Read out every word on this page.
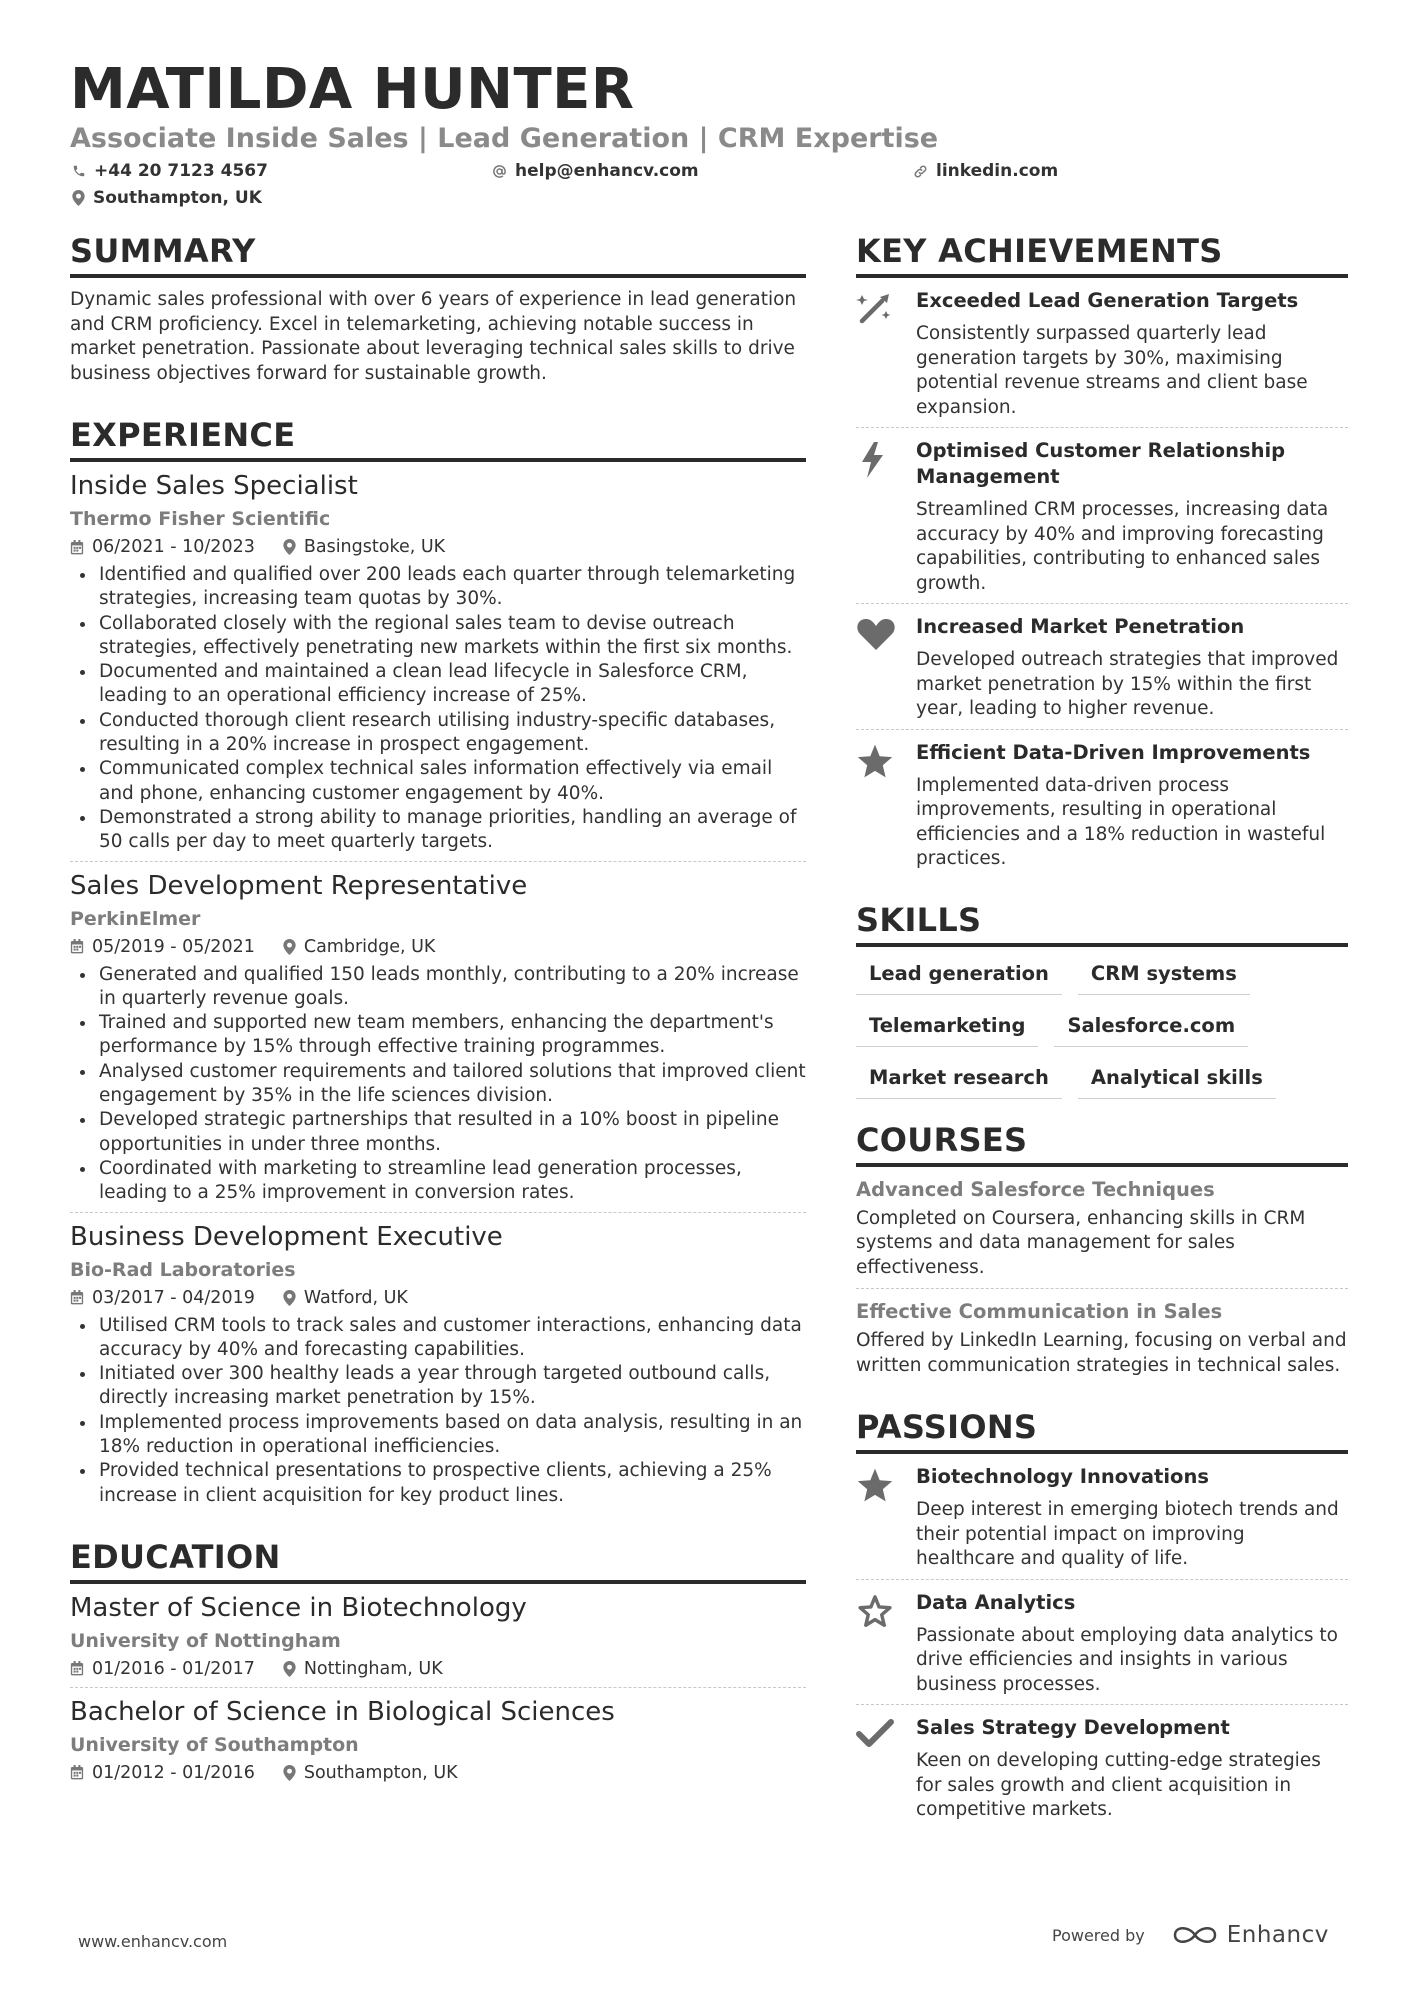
MATILDA HUNTER
Associate Inside Sales | Lead Generation | CRM Expertise
+44 20 7123 4567	help@enhancv.com	linkedin.com
Southampton, UK
SUMMARY

Dynamic sales professional with over 6 years of experience in lead generation and CRM proficiency. Excel in telemarketing, achieving notable success in market penetration. Passionate about leveraging technical sales skills to drive business objectives forward for sustainable growth.

EXPERIENCE
Inside Sales Specialist
Thermo Fisher Scientific
06/2021 - 10/2023	Basingstoke, UK
• Identified and qualified over 200 leads each quarter through telemarketing strategies, increasing team quotas by 30%.
• Collaborated closely with the regional sales team to devise outreach strategies, effectively penetrating new markets within the first six months.
• Documented and maintained a clean lead lifecycle in Salesforce CRM, leading to an operational efficiency increase of 25%.
• Conducted thorough client research utilising industry-specific databases, resulting in a 20% increase in prospect engagement.
• Communicated complex technical sales information effectively via email and phone, enhancing customer engagement by 40%.
• Demonstrated a strong ability to manage priorities, handling an average of 50 calls per day to meet quarterly targets.
Sales Development Representative
PerkinElmer
05/2019 - 05/2021	Cambridge, UK
• Generated and qualified 150 leads monthly, contributing to a 20% increase in quarterly revenue goals.
• Trained and supported new team members, enhancing the department's performance by 15% through effective training programmes.
• Analysed customer requirements and tailored solutions that improved client engagement by 35% in the life sciences division.
• Developed strategic partnerships that resulted in a 10% boost in pipeline opportunities in under three months.
• Coordinated with marketing to streamline lead generation processes, leading to a 25% improvement in conversion rates.
Business Development Executive
Bio-Rad Laboratories
03/2017 - 04/2019	Watford, UK
• Utilised CRM tools to track sales and customer interactions, enhancing data accuracy by 40% and forecasting capabilities.
• Initiated over 300 healthy leads a year through targeted outbound calls, directly increasing market penetration by 15%.
• Implemented process improvements based on data analysis, resulting in an 18% reduction in operational inefficiencies.
• Provided technical presentations to prospective clients, achieving a 25% increase in client acquisition for key product lines.
EDUCATION
Master of Science in Biotechnology
University of Nottingham
01/2016 - 01/2017	Nottingham, UK
Bachelor of Science in Biological Sciences
University of Southampton
01/2012 - 01/2016	Southampton, UK
KEY ACHIEVEMENTS
Exceeded Lead Generation Targets
Consistently surpassed quarterly lead generation targets by 30%, maximising potential revenue streams and client base expansion.
Optimised Customer Relationship Management
Streamlined CRM processes, increasing data accuracy by 40% and improving forecasting capabilities, contributing to enhanced sales growth.
Increased Market Penetration
Developed outreach strategies that improved market penetration by 15% within the first year, leading to higher revenue.
Efficient Data-Driven Improvements
Implemented data-driven process improvements, resulting in operational efficiencies and a 18% reduction in wasteful practices.
SKILLS
Lead generation	CRM systems
Telemarketing	Salesforce.com
Market research	Analytical skills
COURSES
Advanced Salesforce Techniques
Completed on Coursera, enhancing skills in CRM systems and data management for sales effectiveness.
Effective Communication in Sales
Offered by LinkedIn Learning, focusing on verbal and written communication strategies in technical sales.
PASSIONS
Biotechnology Innovations
Deep interest in emerging biotech trends and their potential impact on improving healthcare and quality of life.
Data Analytics
Passionate about employing data analytics to drive efficiencies and insights in various business processes.
Sales Strategy Development
Keen on developing cutting-edge strategies for sales growth and client acquisition in competitive markets.
www.enhancv.com	Powered by	Enhancv
